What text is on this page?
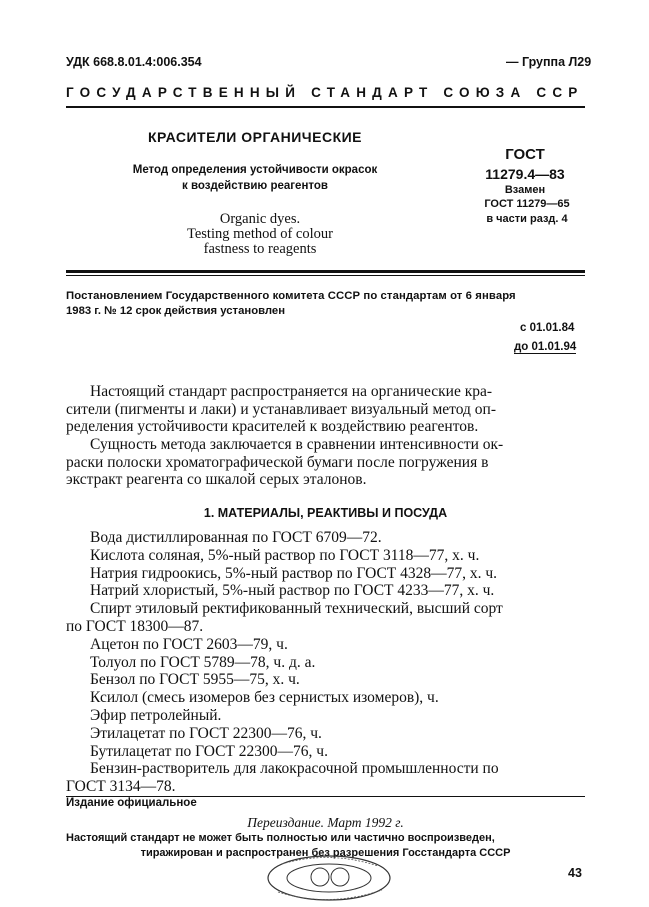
УДК 668.8.01.4:006.354	— Группа Л29
ГОСУДАРСТВЕННЫЙ СТАНДАРТ СОЮЗА ССР
КРАСИТЕЛИ ОРГАНИЧЕСКИЕ
Метод определения устойчивости окрасок
к воздействию реагентов
Organic dyes.
Testing method of colour
fastness to reagents
ГОСТ
11279.4—83
Взамен
ГОСТ 11279—65
в части разд. 4
Постановлением Государственного комитета СССР по стандартам от 6 января
1983 г. № 12 срок действия установлен
с 01.01.84
до 01.01.94
Настоящий стандарт распространяется на органические кра-
сители (пигменты и лаки) и устанавливает визуальный метод оп-
ределения устойчивости красителей к воздействию реагентов.
Сущность метода заключается в сравнении интенсивности ок-
раски полоски хроматографической бумаги после погружения в
экстракт реагента со шкалой серых эталонов.
1. МАТЕРИАЛЫ, РЕАКТИВЫ И ПОСУДА
Вода дистиллированная по ГОСТ 6709—72.
Кислота соляная, 5%-ный раствор по ГОСТ 3118—77, х. ч.
Натрия гидроокись, 5%-ный раствор по ГОСТ 4328—77, х. ч.
Натрий хлористый, 5%-ный раствор по ГОСТ 4233—77, х. ч.
Спирт этиловый ректификованный технический, высший сорт
по ГОСТ 18300—87.
Ацетон по ГОСТ 2603—79, ч.
Толуол по ГОСТ 5789—78, ч. д. а.
Бензол по ГОСТ 5955—75, х. ч.
Ксилол (смесь изомеров без сернистых изомеров), ч.
Эфир петролейный.
Этилацетат по ГОСТ 22300—76, ч.
Бутилацетат по ГОСТ 22300—76, ч.
Бензин-растворитель для лакокрасочной промышленности по
ГОСТ 3134—78.
Издание официальное
Переиздание. Март 1992 г.
Настоящий стандарт не может быть полностью или частично воспроизведен,
тиражирован и распространен без разрешения Госстандарта СССР
43
